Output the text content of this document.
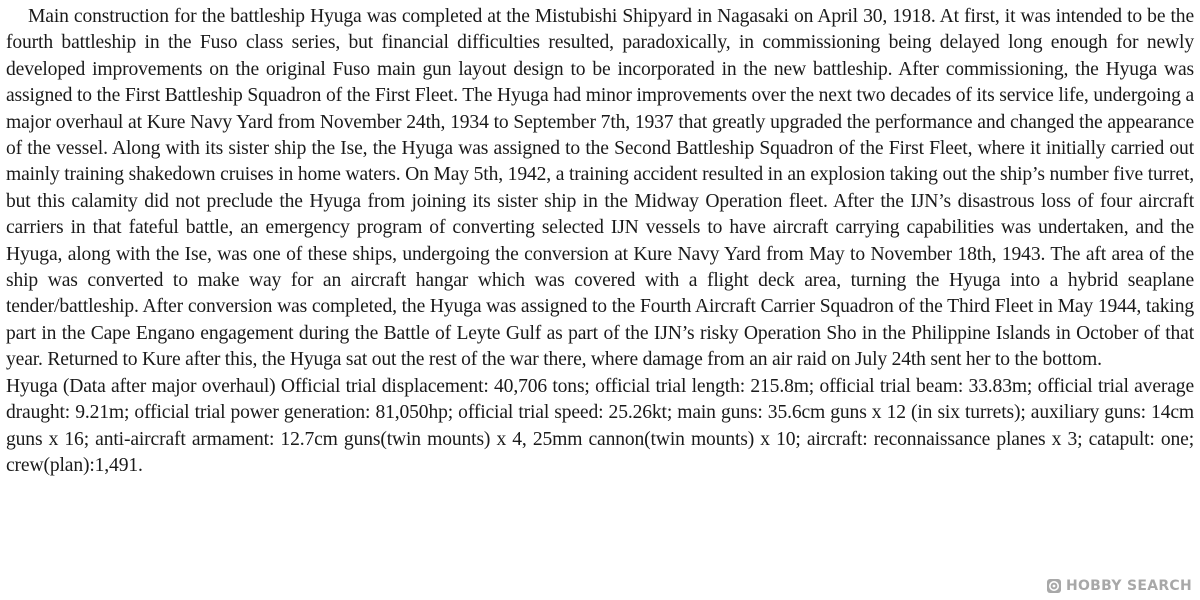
Main construction for the battleship Hyuga was completed at the Mistubishi Shipyard in Nagasaki on April 30, 1918. At first, it was intended to be the fourth battleship in the Fuso class series, but financial difficulties resulted, paradoxically, in commissioning being delayed long enough for newly developed improvements on the original Fuso main gun layout design to be incorporated in the new battleship. After commissioning, the Hyuga was assigned to the First Battleship Squadron of the First Fleet. The Hyuga had minor improvements over the next two decades of its service life, undergoing a major overhaul at Kure Navy Yard from November 24th, 1934 to September 7th, 1937 that greatly upgraded the performance and changed the appearance of the vessel. Along with its sister ship the Ise, the Hyuga was assigned to the Second Battleship Squadron of the First Fleet, where it initially carried out mainly training shakedown cruises in home waters. On May 5th, 1942, a training accident resulted in an explosion taking out the ship’s number five turret, but this calamity did not preclude the Hyuga from joining its sister ship in the Midway Operation fleet. After the IJN’s disastrous loss of four aircraft carriers in that fateful battle, an emergency program of converting selected IJN vessels to have aircraft carrying capabilities was undertaken, and the Hyuga, along with the Ise, was one of these ships, undergoing the conversion at Kure Navy Yard from May to November 18th, 1943. The aft area of the ship was converted to make way for an aircraft hangar which was covered with a flight deck area, turning the Hyuga into a hybrid seaplane tender/battleship. After conversion was completed, the Hyuga was assigned to the Fourth Aircraft Carrier Squadron of the Third Fleet in May 1944, taking part in the Cape Engano engagement during the Battle of Leyte Gulf as part of the IJN’s risky Operation Sho in the Philippine Islands in October of that year. Returned to Kure after this, the Hyuga sat out the rest of the war there, where damage from an air raid on July 24th sent her to the bottom.

Hyuga (Data after major overhaul) Official trial displacement: 40,706 tons; official trial length: 215.8m; official trial beam: 33.83m; official trial average draught: 9.21m; official trial power generation: 81,050hp; official trial speed: 25.26kt; main guns: 35.6cm guns x 12 (in six turrets); auxiliary guns: 14cm guns x 16; anti-aircraft armament: 12.7cm guns(twin mounts) x 4, 25mm cannon(twin mounts) x 10; aircraft: reconnaissance planes x 3; catapult: one; crew(plan):1,491.

HOBBY SEARCH
